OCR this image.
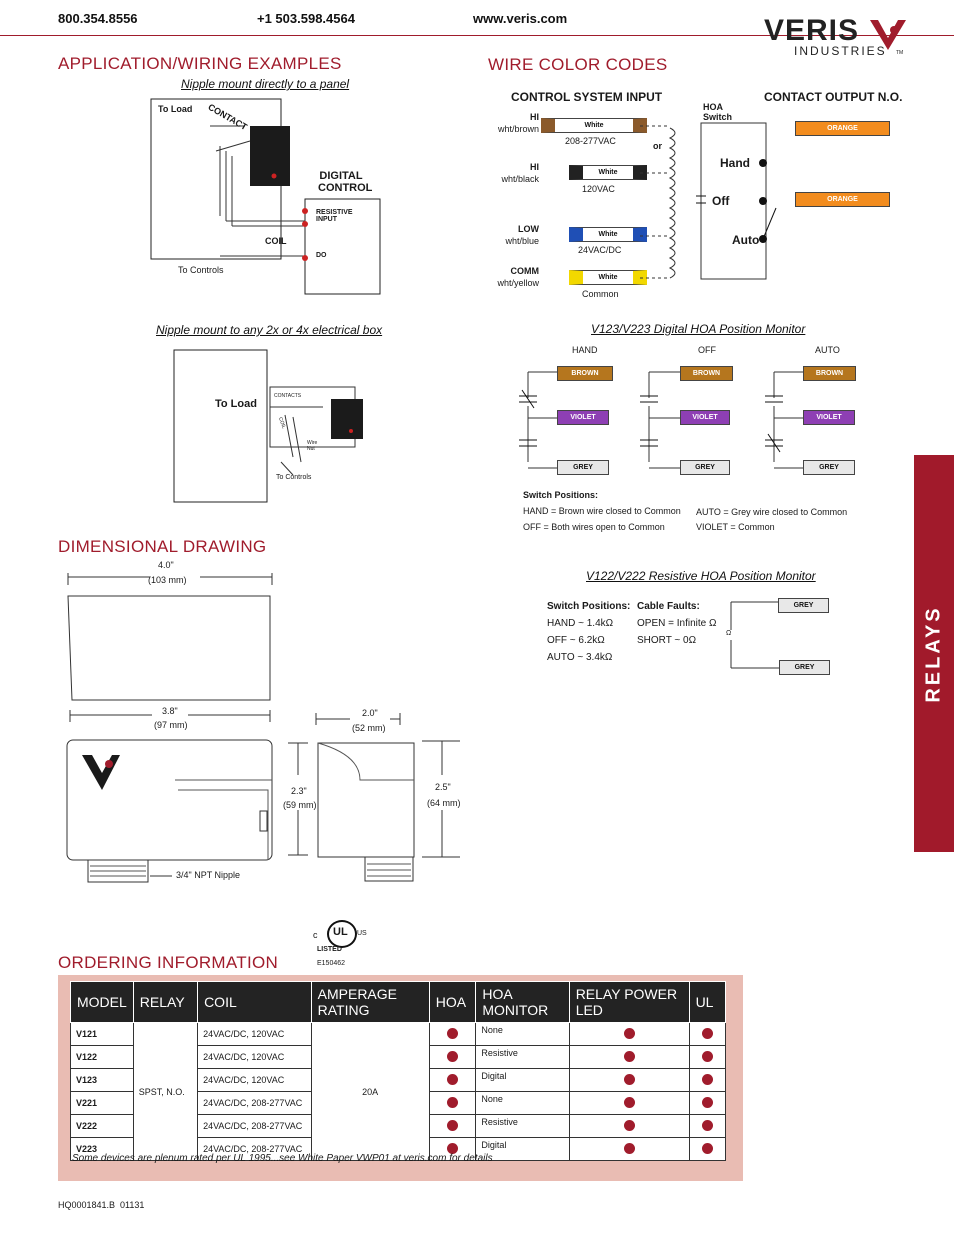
800.354.8556	+1 503.598.4564	www.veris.com	VERIS
INDUSTRIES TM
APPLICATION/WIRING EXAMPLES	WIRE COLOR CODES
DIMENSIONAL DRAWING
ORDERING INFORMATION
Nipple mount directly to a panel
To Load CONTACT
DIGITAL CONTROL
RESISTIVE INPUT
DO
COIL
To Controls
Nipple mount to any 2x or 4x electrical box
To Load
CONTACTS
COIL
Wire Nut
To Controls
CONTROL SYSTEM INPUT	CONTACT OUTPUT N.O.
HOA Switch
HI
wht/brown	White
208-277VAC
HI
wht/black
White
120VAC
LOW
wht/blue
White
24VAC/DC
COMM
wht/yellow
White
Common
or
Hand
Off
Auto
ORANGE
ORANGE
V123/V223 Digital HOA Position Monitor
HAND	OFF	AUTO
BROWN
VIOLET
GREY
BROWN
VIOLET
GREY
BROWN
VIOLET
GREY
Switch Positions:
HAND = Brown wire closed to Common
OFF = Both wires open to Common
AUTO = Grey wire closed to Common
VIOLET = Common
V122/V222 Resistive HOA Position Monitor
Switch Positions:
HAND ~ 1.4kΩ
OFF ~ 6.2kΩ
AUTO ~ 3.4kΩ
Cable Faults:
OPEN = Infinite Ω
SHORT ~ 0Ω
Ω
GREY
GREY
4.0"
(103 mm)
3.8"
(97 mm)
2.0"
(52 mm)
2.3"
(59 mm)
2.5"
(64 mm)
3/4" NPT Nipple
RELAYS
UL
c	US
LISTED
E150462
MODEL	RELAY	COIL	AMPERAGE RATING	HOA	HOA MONITOR	RELAY POWER LED	UL
V121	SPST, N.O.	24VAC/DC, 120VAC	20A		None		
V122		24VAC/DC, 120VAC			Resistive		
V123		24VAC/DC, 120VAC			Digital		
V221		24VAC/DC, 208-277VAC			None		
V222		24VAC/DC, 208-277VAC			Resistive		
V223		24VAC/DC, 208-277VAC			Digital		
Some devices are plenum rated per UL 1995...see White Paper VWP01 at veris.com for details
HQ0001841.B 01131
